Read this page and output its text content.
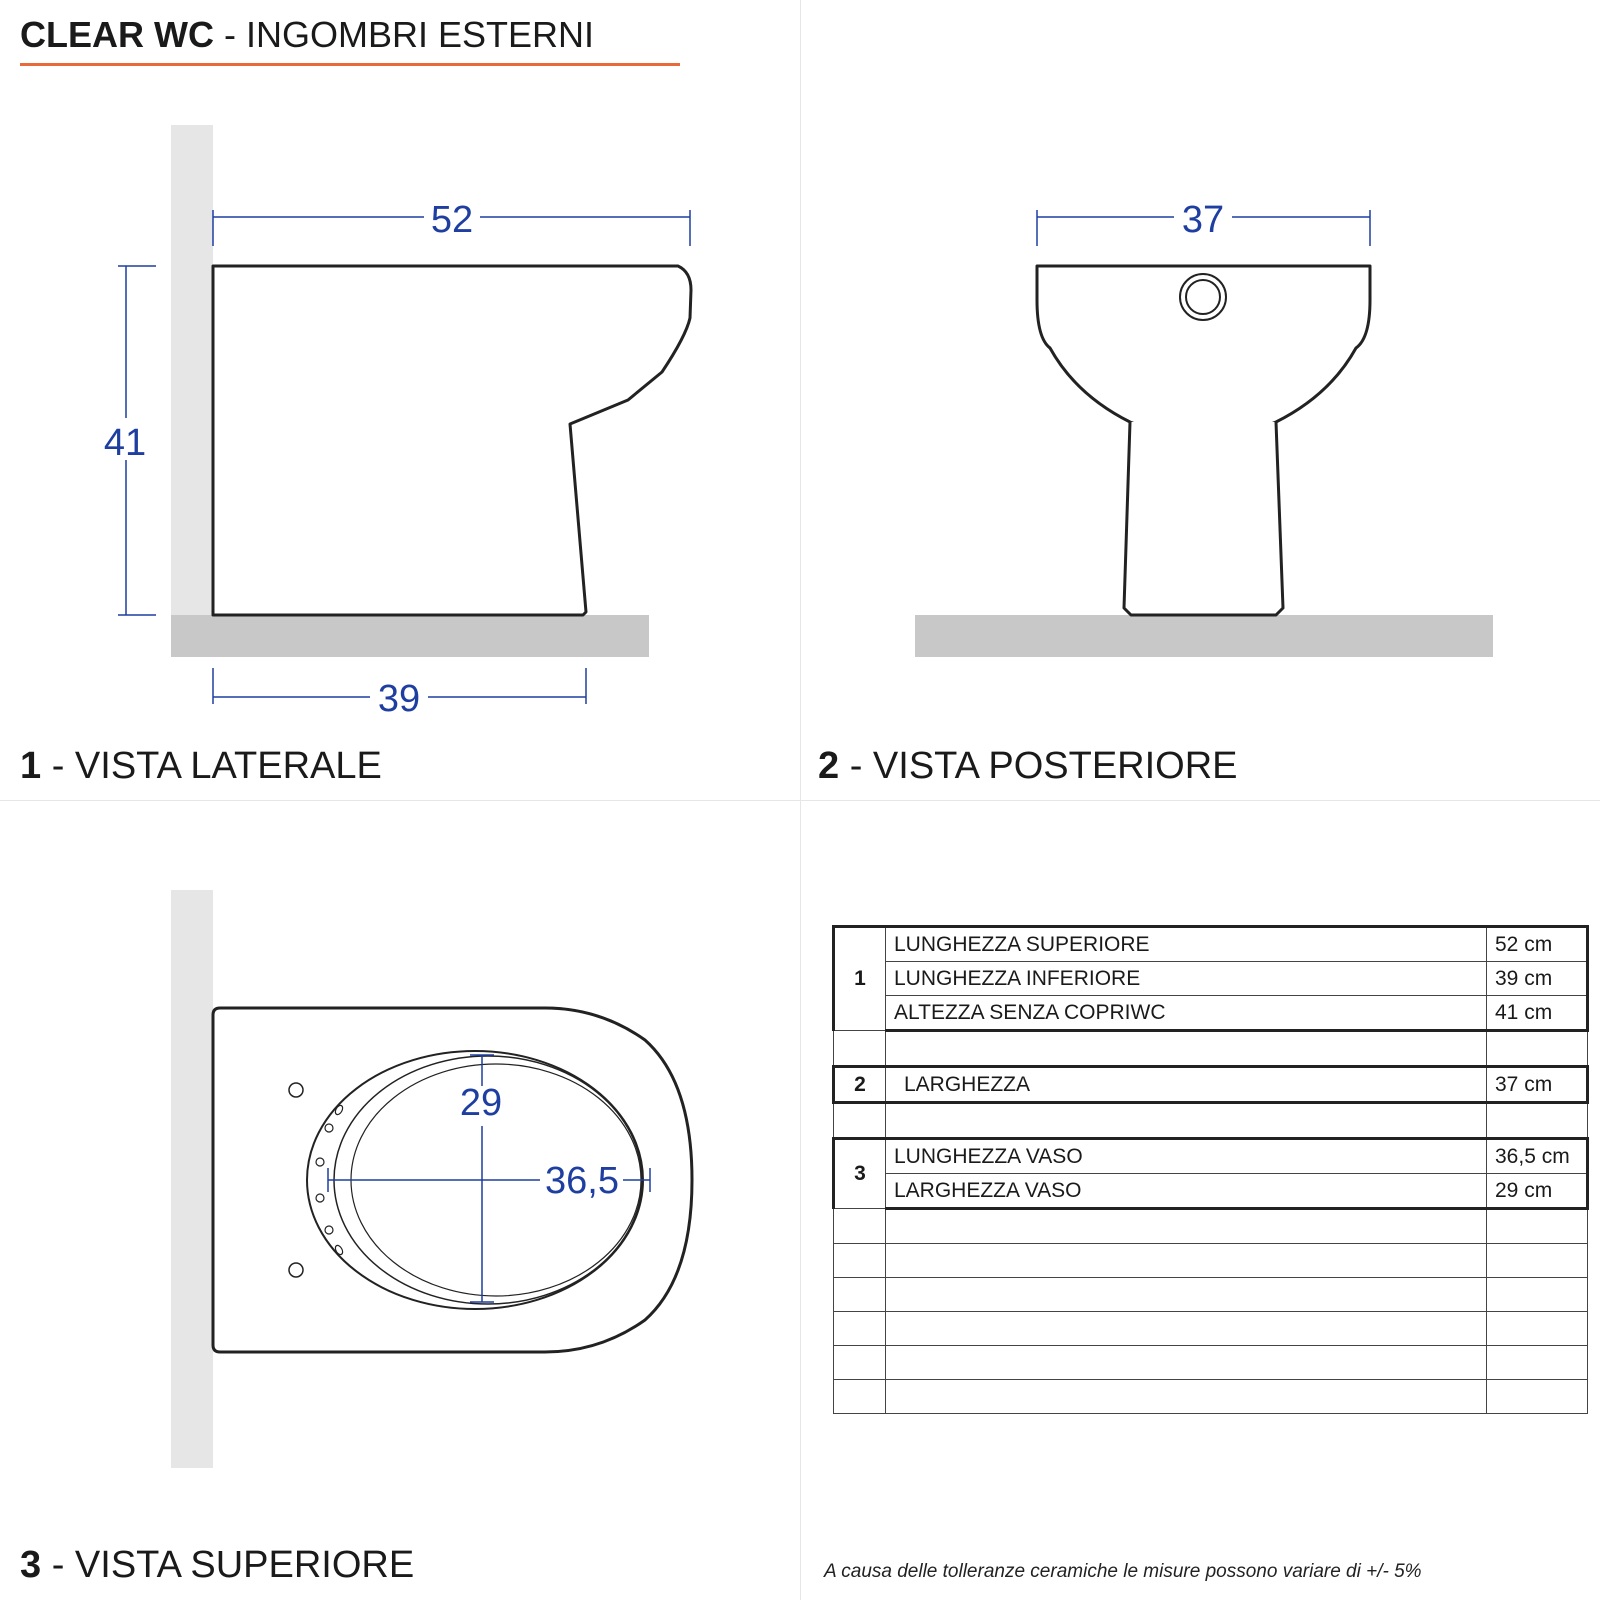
CLEAR WC - INGOMBRI ESTERNI
52
41
39
37
29
36,5
1 - VISTA LATERALE	2 - VISTA POSTERIORE
3 - VISTA SUPERIORE
1	LUNGHEZZA SUPERIORE	52 cm
	LUNGHEZZA INFERIORE	39 cm
	ALTEZZA SENZA COPRIWC	41 cm

2	LARGHEZZA	37 cm

3	LUNGHEZZA VASO	36,5 cm
	LARGHEZZA VASO	29 cm

A causa delle tolleranze ceramiche le misure possono variare di +/- 5%
